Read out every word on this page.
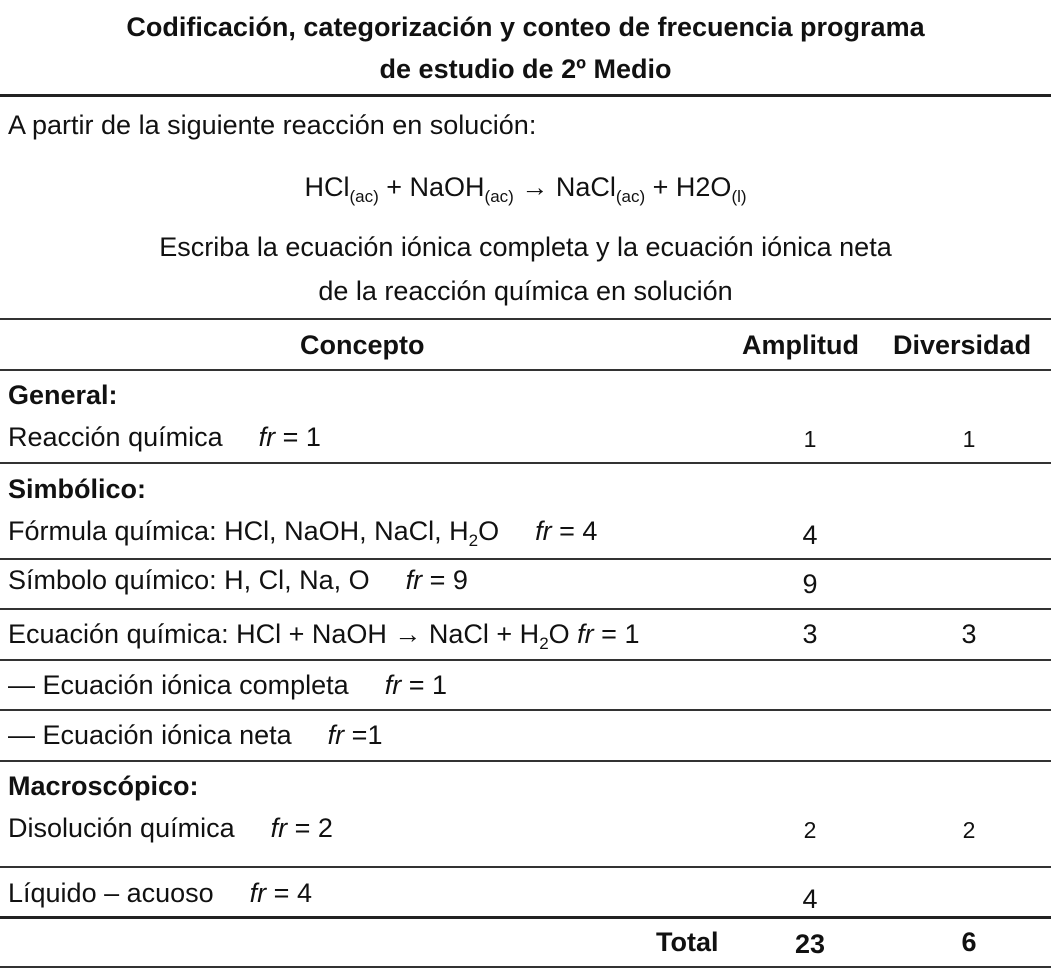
Codificación, categorización y conteo de frecuencia programa
de estudio de 2º Medio
A partir de la siguiente reacción en solución:
HCl$_{(ac)}$ + NaOH$_{(ac)}$ → NaCl$_{(ac)}$ + $H2O_{(l)}$
Escriba la ecuación iónica completa y la ecuación iónica neta
de la reacción química en solución
Concepto	Amplitud Diversidad
General:
Reacción química fr = 1	1	1
Simbólico:
Fórmula química: HCl, NaOH, NaCl, $H_2O$ fr = 4	4
Símbolo químico: H, Cl, Na, O fr = 9	9
Ecuación química: HCl + NaOH → NaCl + $H_2O$ fr = 1	3	3
— Ecuación iónica completa fr = 1
— Ecuación iónica neta fr =1
Macroscópico:
Disolución química fr = 2	2	2
Líquido – acuoso fr = 4	4
Total	23	6
